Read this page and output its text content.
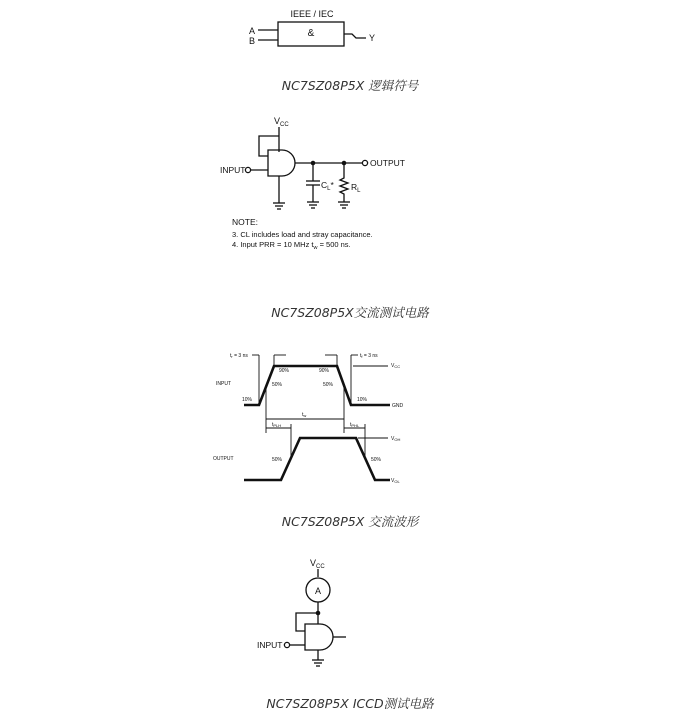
IEEE / IEC
&
A
B	Y
$V_{CC}$
INPUT
OUTPUT
$C_L*$ $R_L$
NOTE:
3. CL includes load and stray capacitance.
4. Input PRR = 10 MHz $t_w = 500$ ns.
INPUT
$t_r = 3$ ns	$t_f = 3$ ns
90%	90%
50%	50%
10%	10%
$V_{CC}$
GND
$t_w$
$t_{PLH}$	$t_{PHL}$
OUTPUT	50%	50%
$V_{OH}$
$V_{OL}$
$V_{CC}$
A
INPUT
NC7SZ08P5X 逻辑符号
NC7SZ08P5X交流测试电路
NC7SZ08P5X 交流波形
NC7SZ08P5X ICCD测试电路
